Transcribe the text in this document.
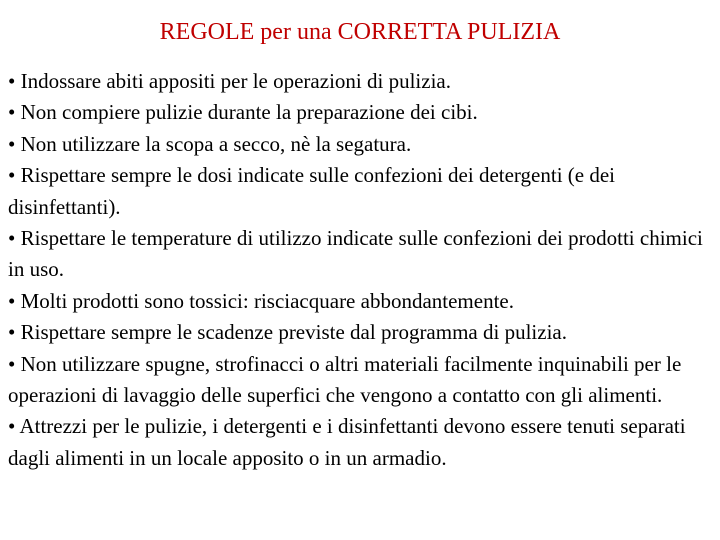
REGOLE per una CORRETTA PULIZIA
• Indossare abiti appositi per le operazioni di pulizia.
• Non compiere pulizie durante la preparazione dei cibi.
• Non utilizzare la scopa a secco, nè la segatura.
• Rispettare sempre le dosi indicate sulle confezioni dei detergenti (e dei disinfettanti).
• Rispettare le temperature di utilizzo indicate sulle confezioni dei prodotti chimici in uso.
• Molti prodotti sono tossici: risciacquare abbondantemente.
• Rispettare sempre le scadenze previste dal programma di pulizia.
• Non utilizzare spugne, strofinacci o altri materiali facilmente inquinabili per le operazioni di lavaggio delle superfici che vengono a contatto con gli alimenti.
• Attrezzi per le pulizie, i detergenti e i disinfettanti devono essere tenuti separati dagli alimenti in un locale apposito o in un armadio.
